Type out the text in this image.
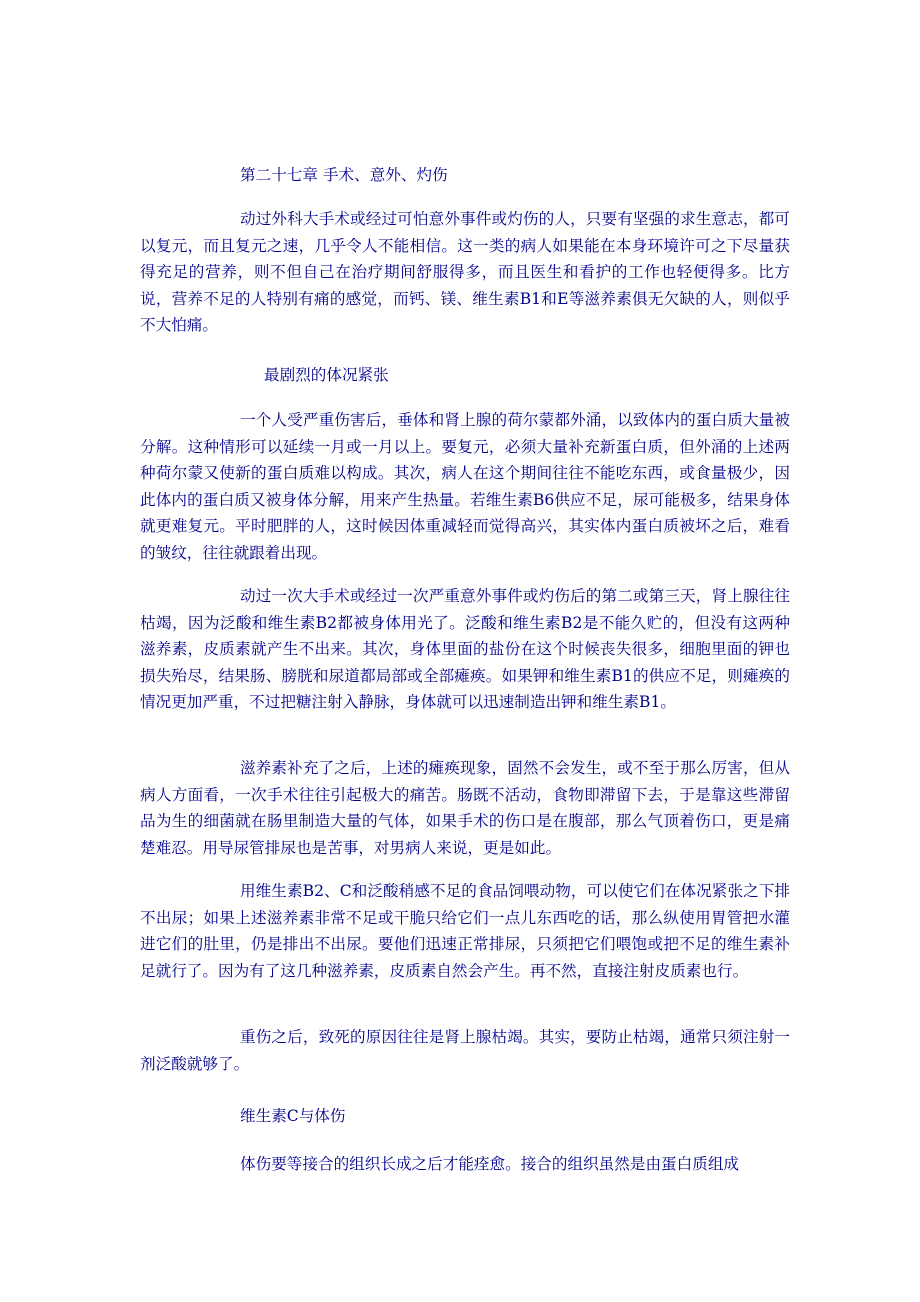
第二十七章 手术、意外、灼伤

动过外科大手术或经过可怕意外事件或灼伤的人，只要有坚强的求生意志，都可以复元，而且复元之速，几乎令人不能相信。这一类的病人如果能在本身环境许可之下尽量获得充足的营养，则不但自己在治疗期间舒服得多，而且医生和看护的工作也轻便得多。比方说，营养不足的人特别有痛的感觉，而钙、镁、维生素B1和E等滋养素俱无欠缺的人，则似乎不大怕痛。

最剧烈的体况紧张

一个人受严重伤害后，垂体和肾上腺的荷尔蒙都外涌，以致体内的蛋白质大量被分解。这种情形可以延续一月或一月以上。要复元，必须大量补充新蛋白质，但外涌的上述两种荷尔蒙又使新的蛋白质难以构成。其次，病人在这个期间往往不能吃东西，或食量极少，因此体内的蛋白质又被身体分解，用来产生热量。若维生素B6供应不足，尿可能极多，结果身体就更难复元。平时肥胖的人，这时候因体重减轻而觉得高兴，其实体内蛋白质被坏之后，难看的皱纹，往往就跟着出现。

动过一次大手术或经过一次严重意外事件或灼伤后的第二或第三天，肾上腺往往枯竭，因为泛酸和维生素B2都被身体用光了。泛酸和维生素B2是不能久贮的，但没有这两种滋养素，皮质素就产生不出来。其次，身体里面的盐份在这个时候丧失很多，细胞里面的钾也损失殆尽，结果肠、膀胱和尿道都局部或全部瘫痪。如果钾和维生素B1的供应不足，则瘫痪的情况更加严重，不过把糖注射入静脉，身体就可以迅速制造出钾和维生素B1。

滋养素补充了之后，上述的瘫痪现象，固然不会发生，或不至于那么厉害，但从病人方面看，一次手术往往引起极大的痛苦。肠既不活动，食物即滞留下去，于是靠这些滞留品为生的细菌就在肠里制造大量的气体，如果手术的伤口是在腹部，那么气顶着伤口，更是痛楚难忍。用导尿管排尿也是苦事，对男病人来说，更是如此。

用维生素B2、C和泛酸稍感不足的食品饲喂动物，可以使它们在体况紧张之下排不出尿；如果上述滋养素非常不足或干脆只给它们一点儿东西吃的话，那么纵使用胃管把水灌进它们的肚里，仍是排出不出尿。要他们迅速正常排尿，只须把它们喂饱或把不足的维生素补足就行了。因为有了这几种滋养素，皮质素自然会产生。再不然，直接注射皮质素也行。

重伤之后，致死的原因往往是肾上腺枯竭。其实，要防止枯竭，通常只须注射一剂泛酸就够了。

维生素C与体伤

体伤要等接合的组织长成之后才能痊愈。接合的组织虽然是由蛋白质组成
